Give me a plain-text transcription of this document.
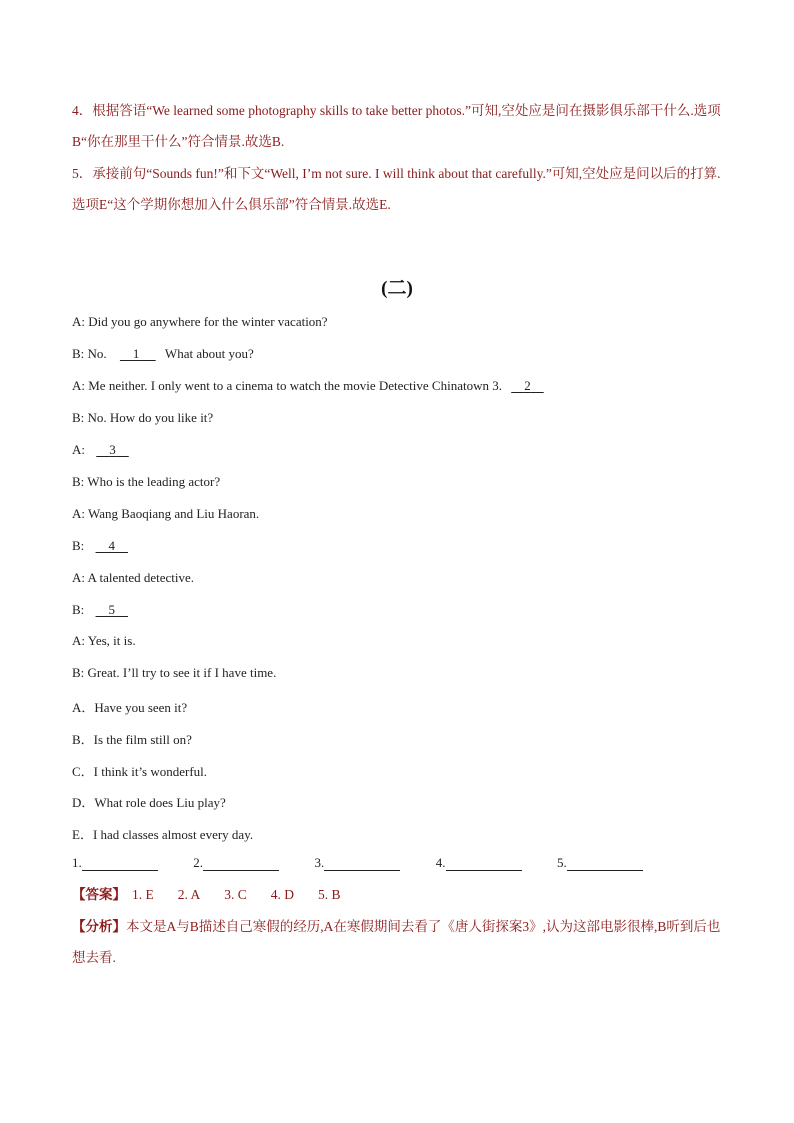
4．根据答语“We learned some photography skills to take better photos.”可知,空处应是问在摄影俱乐部干什么.选项B“你在那里干什么”符合情景.故选B.
5．承接前句“Sounds fun!”和下文“Well, I’m not sure. I will think about that carefully.”可知,空处应是问以后的打算.选项E“这个学期你想加入什么俱乐部”符合情景.故选E.
(二)
A: Did you go anywhere for the winter vacation?
B: No. 1 What about you?
A: Me neither. I only went to a cinema to watch the movie Detective Chinatown 3. 2
B: No. How do you like it?
A: 3
B: Who is the leading actor?
A: Wang Baoqiang and Liu Haoran.
B: 4
A: A talented detective.
B: 5
A: Yes, it is.
B: Great. I’ll try to see it if I have time.
A．Have you seen it?
B．Is the film still on?
C．I think it’s wonderful.
D．What role does Liu play?
E．I had classes almost every day.
1.	2.	3.	4.	5.
【答案】 1. E 2. A 3. C 4. D 5. B
【分析】本文是A与B描述自己寒假的经历,A在寒假期间去看了《唐人街探案3》,认为这部电影很棒,B听到后也想去看.
